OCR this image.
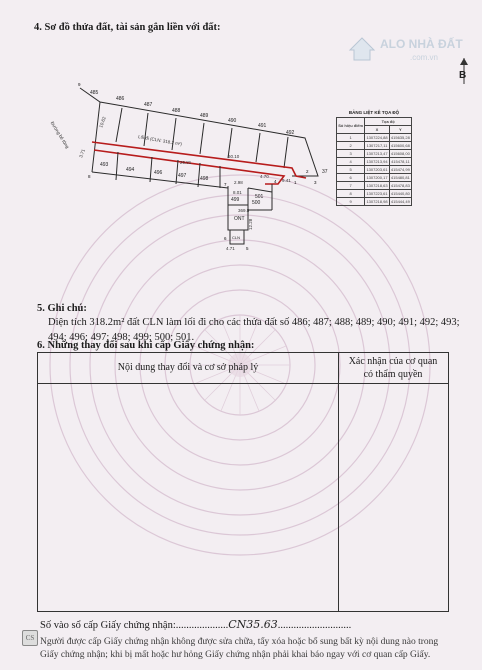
ALO NHÀ ĐẤT
.com.vn
B
4. Sơ đồ thửa đất, tài sản gắn liền với đất:
485
486
487
488
489
490
491
492
493
494	496	497	498
499	500
501
ONT
CLN
37
Lối đi (CLN: 318.2 m²)
Đường bê tông	10.62
3.71
29.81
60.10
9.41
4.70
8.01
12.28
4.71
2.98
369.8
9
8
2
3
1
4
5
6
7
BẢNG LIỆT KÊ TỌA ĐỘ
Số hiệu điểm	Tọa độ	
	X	Y
1	1307224,88	415635,28
2	1307217,11	415600,68
3	1307213,47	415608,00
4	1307213,94	415478,11
5	1307203,61	415474,99
6	1307200,17	415480,81
7	1307218,63	415478,83
8	1307223,61	415440,80
9	1307218,98	415444,49
5. Ghi chú:
Diện tích 318.2m² đất CLN làm lối đi cho các thửa đất số 486; 487; 488; 489; 490; 491; 492; 493;
494; 496; 497; 498; 499; 500; 501.
6. Những thay đổi sau khi cấp Giấy chứng nhận:
Nội dung thay đổi và cơ sở pháp lý
Xác nhận của cơ quan
có thẩm quyền
Số vào sổ cấp Giấy chứng nhận:....................CN35.63............................
Người được cấp Giấy chứng nhận không được sửa chữa, tẩy xóa hoặc bổ sung bất kỳ nội dung nào trong
Giấy chứng nhận; khi bị mất hoặc hư hỏng Giấy chứng nhận phải khai báo ngay với cơ quan cấp Giấy.
CS
